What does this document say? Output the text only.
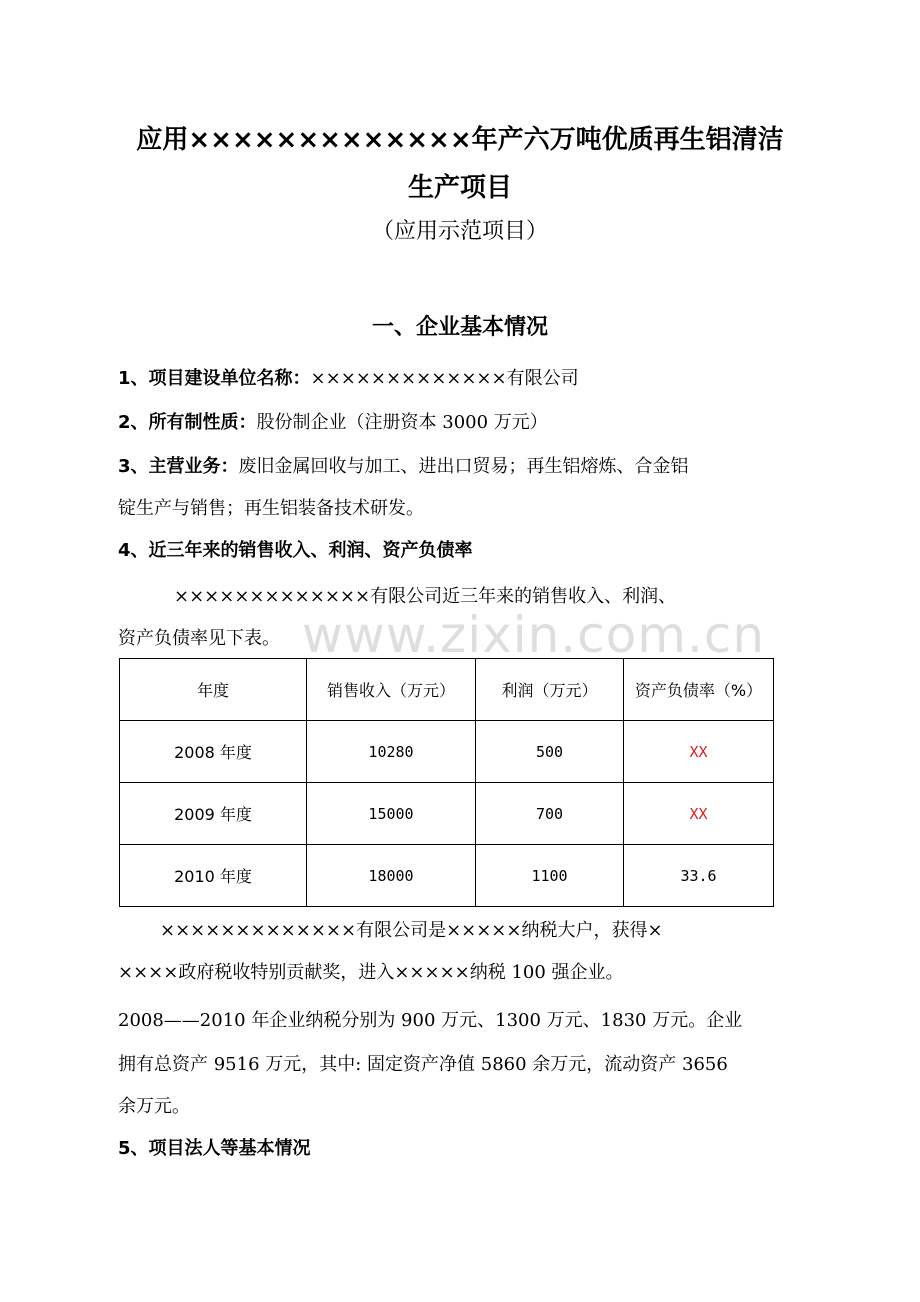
应用×××××××××××××年产六万吨优质再生铝清洁
生产项目
（应用示范项目）
一、企业基本情况
1、项目建设单位名称：×××××××××××××有限公司
2、所有制性质：股份制企业（注册资本 3000 万元）
3、主营业务：废旧金属回收与加工、进出口贸易；再生铝熔炼、合金铝
锭生产与销售；再生铝装备技术研发。
4、近三年来的销售收入、利润、资产负债率
×××××××××××××有限公司近三年来的销售收入、利润、
资产负债率见下表。 www.zixin.com.cn
年度	销售收入（万元）	利润（万元）	资产负债率（%）
2008 年度	10280	500	XX
2009 年度	15000	700	XX
2010 年度	18000	1100	33.6
×××××××××××××有限公司是×××××纳税大户，获得×
××××政府税收特别贡献奖，进入×××××纳税 100 强企业。
2008——2010 年企业纳税分别为 900 万元、1300 万元、1830 万元。企业
拥有总资产 9516 万元，其中: 固定资产净值 5860 余万元，流动资产 3656
余万元。
5、项目法人等基本情况
